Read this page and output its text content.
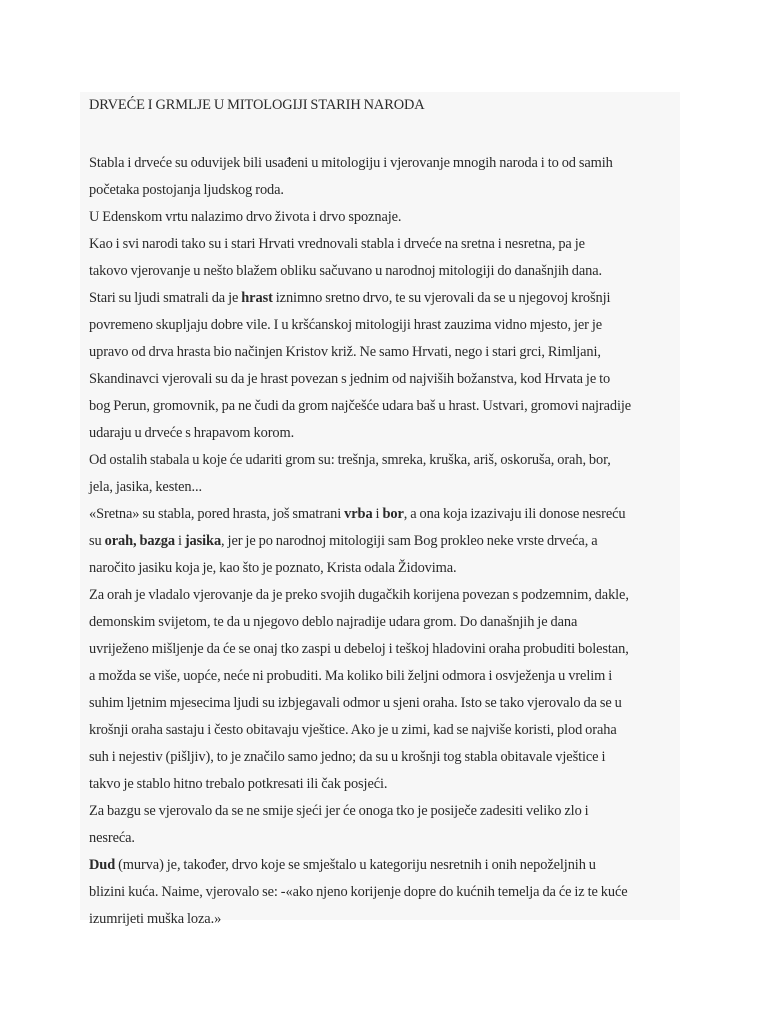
DRVEĆE I GRMLJE U MITOLOGIJI STARIH NARODA

Stabla i drveće su oduvijek bili usađeni u mitologiju i vjerovanje mnogih naroda i to od samih
početaka postojanja ljudskog roda.

U Edenskom vrtu nalazimo drvo života i drvo spoznaje.

Kao i svi narodi tako su i stari Hrvati vrednovali stabla i drveće na sretna i nesretna, pa je
takovo vjerovanje u nešto blažem obliku sačuvano u narodnoj mitologiji do današnjih dana.

Stari su ljudi smatrali da je hrast iznimno sretno drvo, te su vjerovali da se u njegovoj krošnji
povremeno skupljaju dobre vile. I u kršćanskoj mitologiji hrast zauzima vidno mjesto, jer je
upravo od drva hrasta bio načinjen Kristov križ. Ne samo Hrvati, nego i stari grci, Rimljani,
Skandinavci vjerovali su da je hrast povezan s jednim od najviših božanstva, kod Hrvata je to
bog Perun, gromovnik, pa ne čudi da grom najčešće udara baš u hrast. Ustvari, gromovi najradije
udaraju u drveće s hrapavom korom.

Od ostalih stabala u koje će udariti grom su: trešnja, smreka, kruška, ariš, oskoruša, orah, bor,
jela, jasika, kesten...

«Sretna» su stabla, pored hrasta, još smatrani vrba i bor, a ona koja izazivaju ili donose nesreću
su orah, bazga i jasika, jer je po narodnoj mitologiji sam Bog prokleo neke vrste drveća, a
naročito jasiku koja je, kao što je poznato, Krista odala Židovima.

Za orah je vladalo vjerovanje da je preko svojih dugačkih korijena povezan s podzemnim, dakle,
demonskim svijetom, te da u njegovo deblo najradije udara grom. Do današnjih je dana
uvriježeno mišljenje da će se onaj tko zaspi u debeloj i teškoj hladovini oraha probuditi bolestan,
a možda se više, uopće, neće ni probuditi. Ma koliko bili željni odmora i osvježenja u vrelim i
suhim ljetnim mjesecima ljudi su izbjegavali odmor u sjeni oraha. Isto se tako vjerovalo da se u
krošnji oraha sastaju i često obitavaju vještice. Ako je u zimi, kad se najviše koristi, plod oraha
suh i nejestiv (pišljiv), to je značilo samo jedno; da su u krošnji tog stabla obitavale vještice i
takvo je stablo hitno trebalo potkresati ili čak posjeći.

Za bazgu se vjerovalo da se ne smije sjeći jer će onoga tko je posiječe zadesiti veliko zlo i
nesreća.

Dud (murva) je, također, drvo koje se smještalo u kategoriju nesretnih i onih nepoželjnih u
blizini kuća. Naime, vjerovalo se: -«ako njeno korijenje dopre do kućnih temelja da će iz te kuće
izumrijeti muška loza.»
